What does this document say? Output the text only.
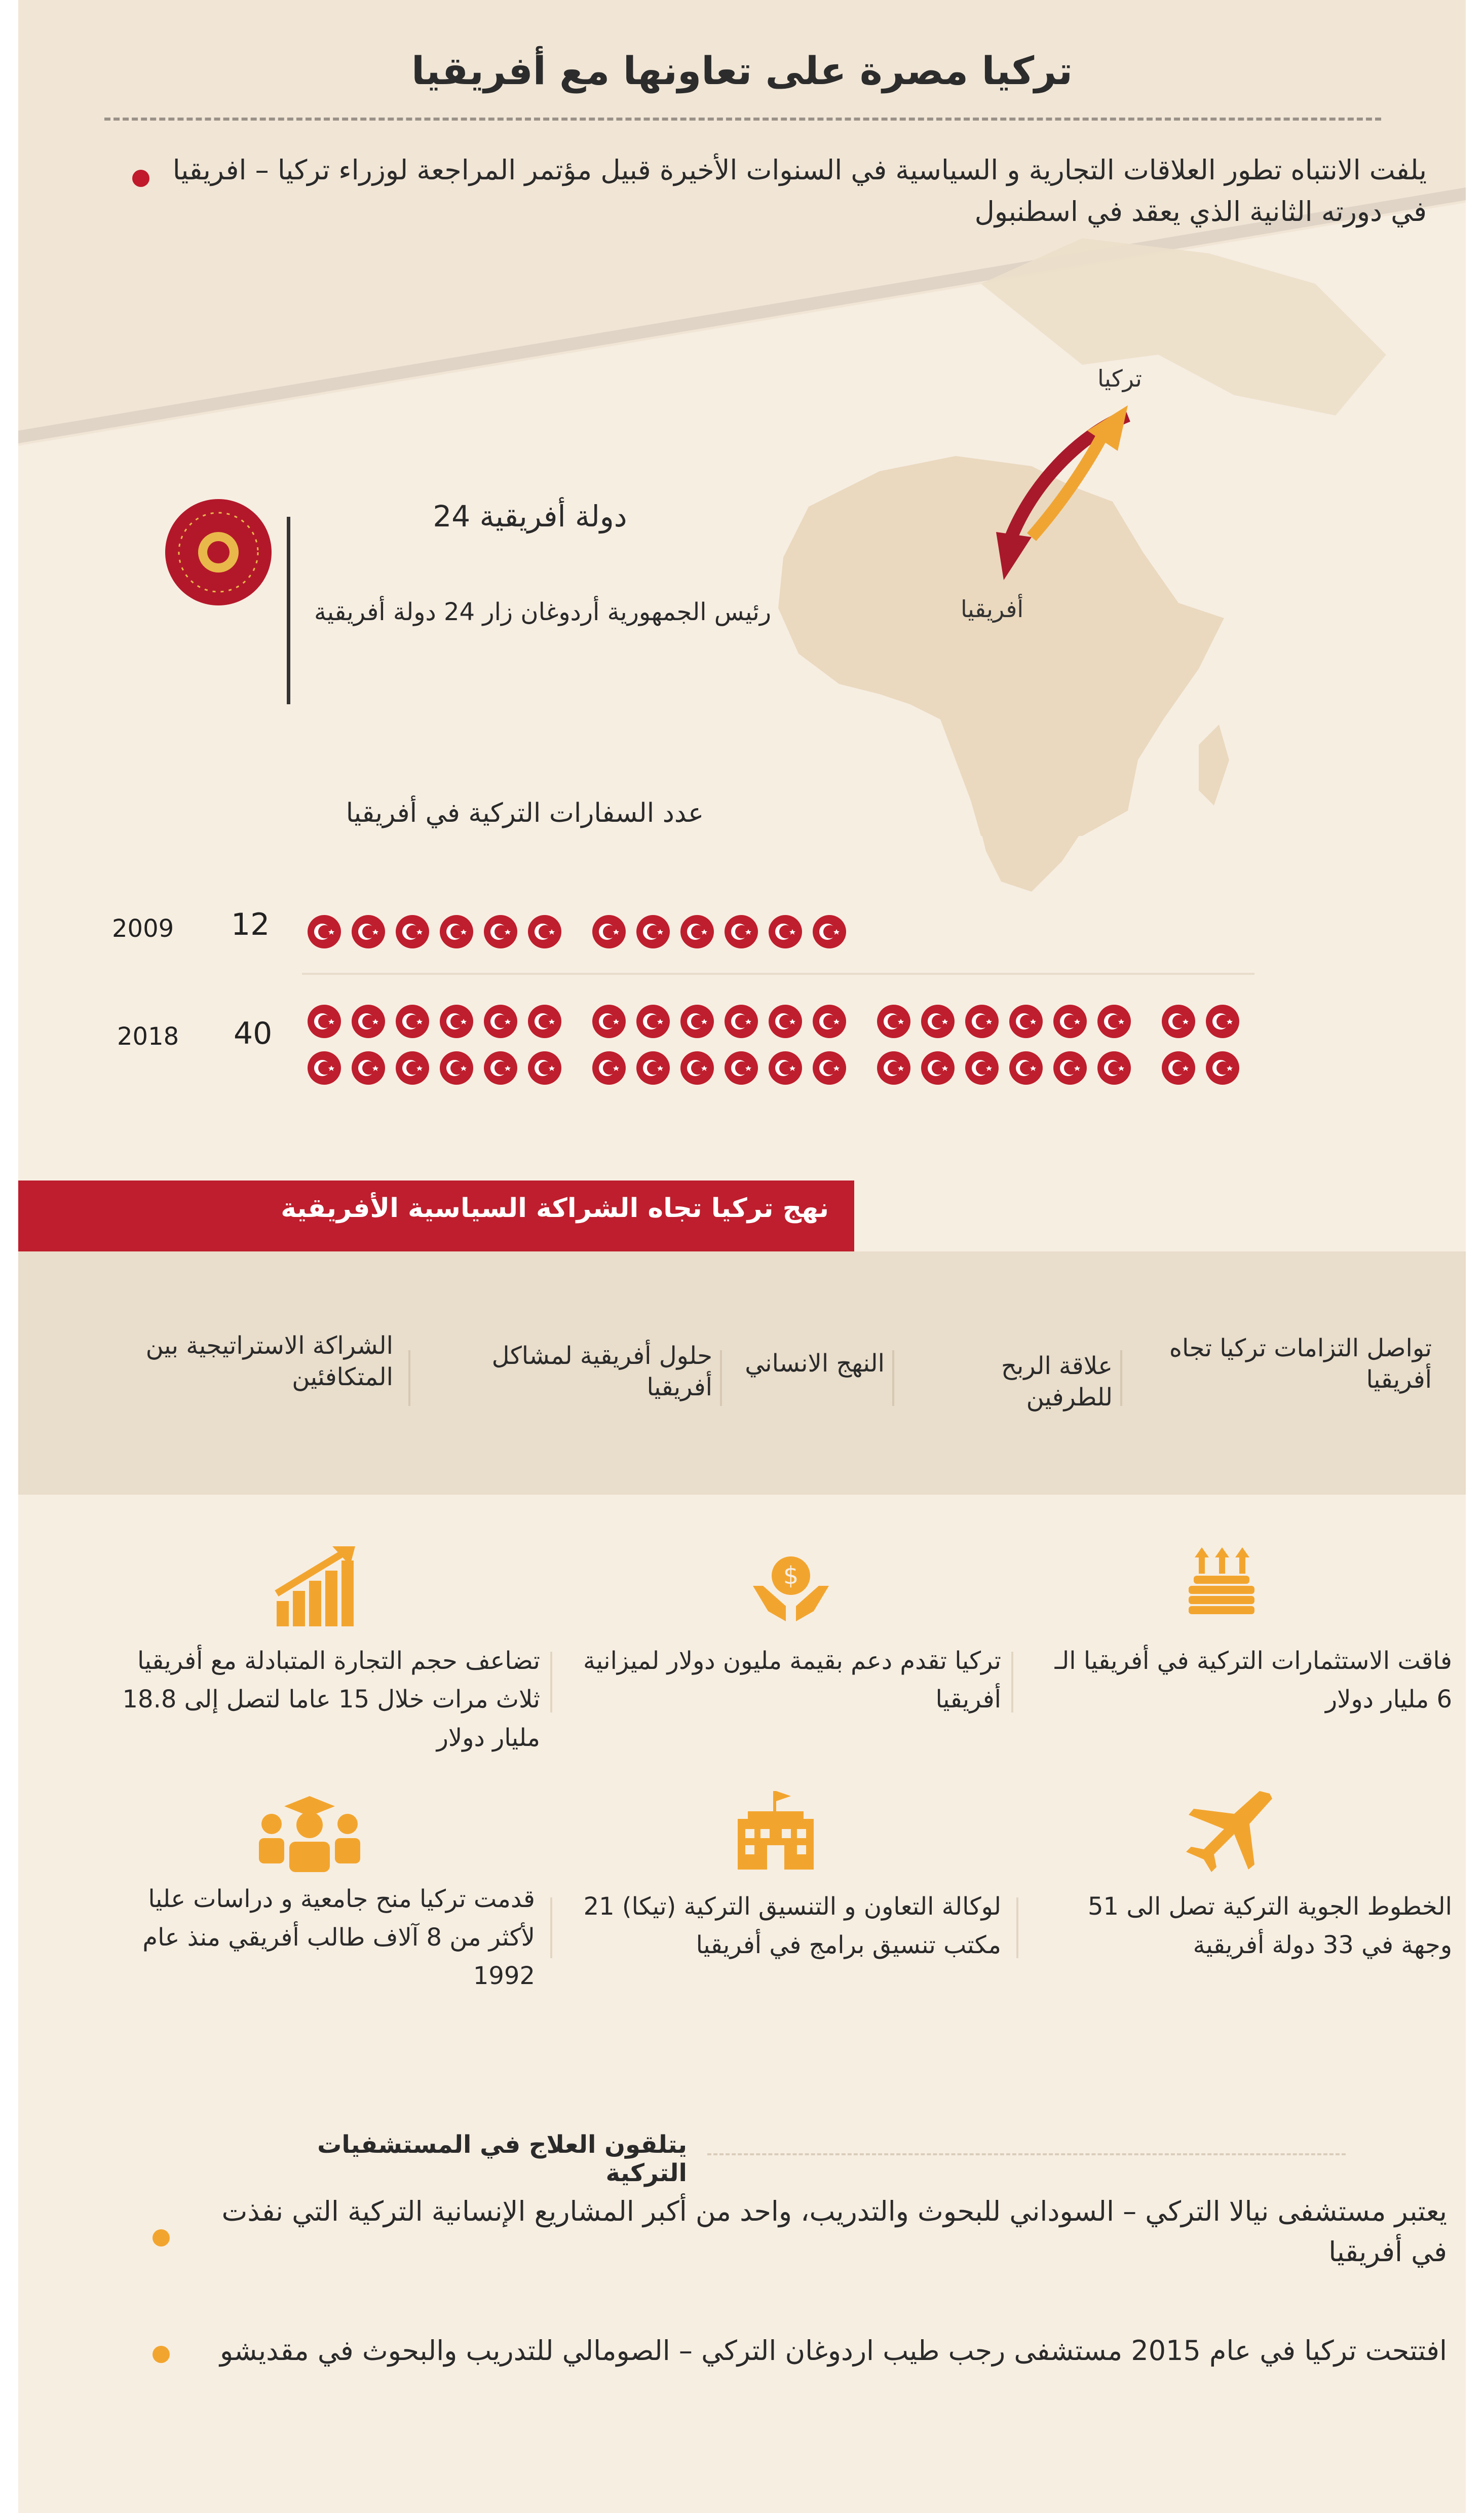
تركيا مصرة على تعاونها مع أفريقيا
يلفت الانتباه تطور العلاقات التجارية و السياسية في السنوات الأخيرة قبيل مؤتمر المراجعة لوزراء تركيا – افريقيا في دورته الثانية الذي يعقد في اسطنبول
تركيا
أفريقيا
24 دولة أفريقية
رئيس الجمهورية أردوغان زار 24 دولة أفريقية
عدد السفارات التركية في أفريقيا
2009 12
2018 40
نهج تركيا تجاه الشراكة السياسية الأفريقية
تواصل التزامات تركيا تجاه أفريقيا
علاقة الربح للطرفين
النهج الانساني
حلول أفريقية لمشاكل أفريقيا
الشراكة الاستراتيجية بين المتكافئين
$
فاقت الاستثمارات التركية في أفريقيا الـ 6 مليار دولار
تركيا تقدم دعم بقيمة مليون دولار لميزانية أفريقيا
تضاعف حجم التجارة المتبادلة مع أفريقيا ثلاث مرات خلال 15 عاما لتصل إلى 18.8 مليار دولار
الخطوط الجوية التركية تصل الى 51 وجهة في 33 دولة أفريقية
لوكالة التعاون و التنسيق التركية (تيكا) 21 مكتب تنسيق برامج في أفريقيا
قدمت تركيا منح جامعية و دراسات عليا لأكثر من 8 آلاف طالب أفريقي منذ عام 1992
يتلقون العلاج في المستشفيات التركية
يعتبر مستشفى نيالا التركي – السوداني للبحوث والتدريب، واحد من أكبر المشاريع الإنسانية التركية التي نفذت في أفريقيا
افتتحت تركيا في عام 2015 مستشفى رجب طيب اردوغان التركي – الصومالي للتدريب والبحوث في مقديشو
